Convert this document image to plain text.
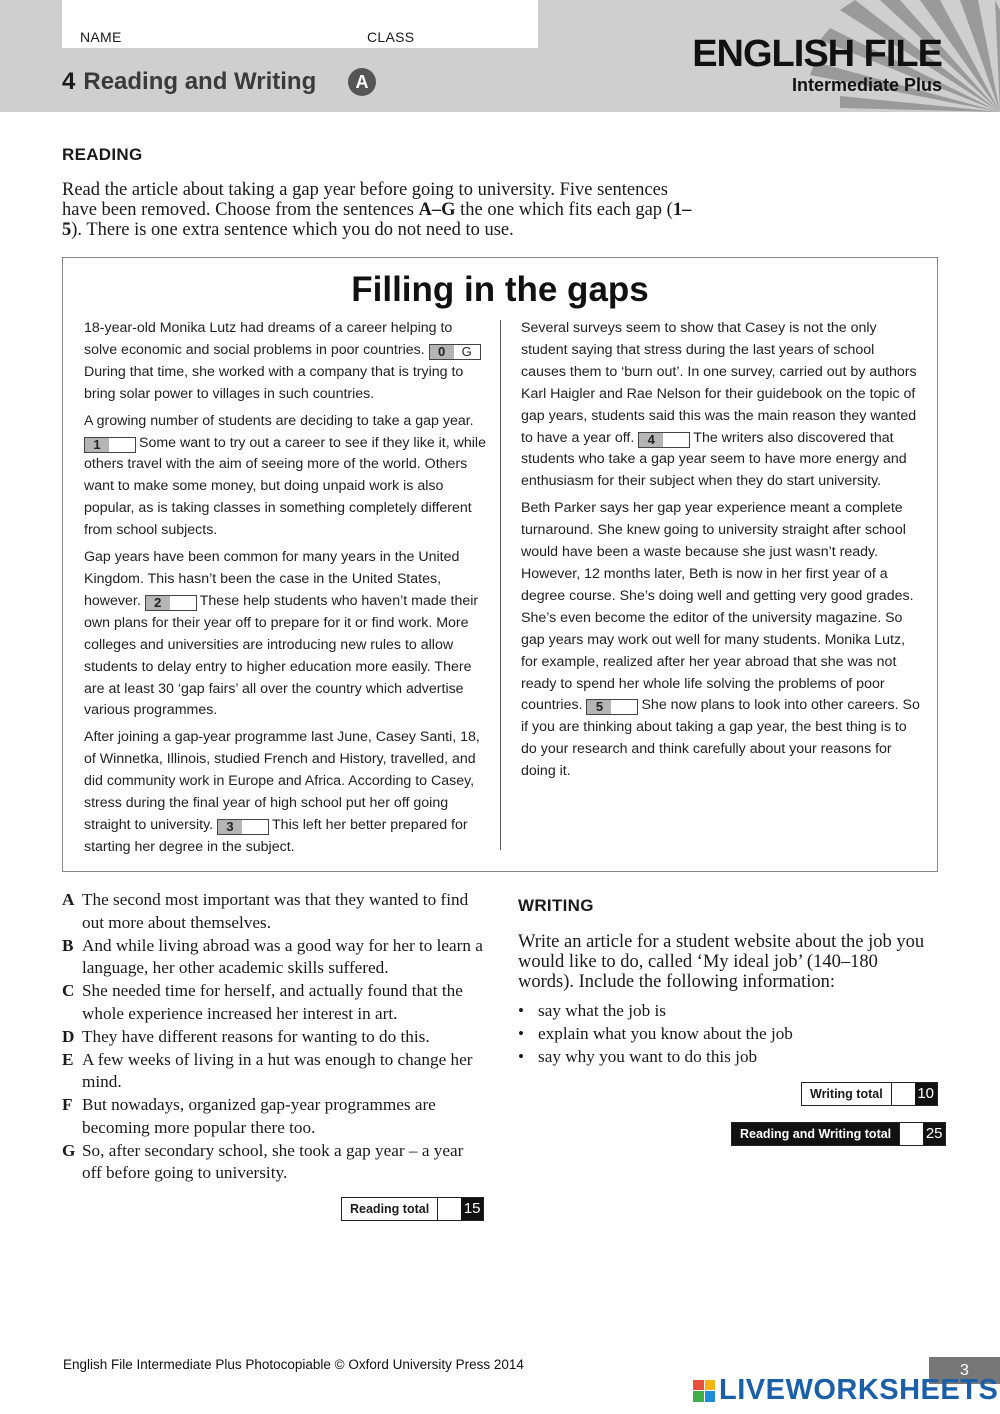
NAME	CLASS
4 Reading and Writing	A
ENGLISH FILE
Intermediate Plus
READING
Read the article about taking a gap year before going to university. Five sentences have been removed. Choose from the sentences A–G the one which fits each gap (1–5). There is one extra sentence which you do not need to use.
Filling in the gaps

18-year-old Monika Lutz had dreams of a career helping to solve economic and social problems in poor countries.	0	G
During that time, she worked with a company that is trying to bring solar power to villages in such countries.

A growing number of students are deciding to take a gap year.
1	Some want to try out a career to see if they like it, while others travel with the aim of seeing more of the world. Others want to make some money, but doing unpaid work is also popular, as is taking classes in something completely different from school subjects.

Gap years have been common for many years in the United Kingdom. This hasn’t been the case in the United States, however.	2	These help students who haven’t made their own plans for their year off to prepare for it or find work. More colleges and universities are introducing new rules to allow students to delay entry to higher education more easily. There are at least 30 ‘gap fairs’ all over the country which advertise various programmes.

After joining a gap-year programme last June, Casey Santi, 18, of Winnetka, Illinois, studied French and History, travelled, and did community work in Europe and Africa. According to Casey, stress during the final year of high school put her off going straight to university.	3	This left her better prepared for starting her degree in the subject.

Several surveys seem to show that Casey is not the only student saying that stress during the last years of school causes them to ‘burn out’. In one survey, carried out by authors Karl Haigler and Rae Nelson for their guidebook on the topic of gap years, students said this was the main reason they wanted to have a year off.	4	The writers also discovered that students who take a gap year seem to have more energy and enthusiasm for their subject when they do start university.

Beth Parker says her gap year experience meant a complete turnaround. She knew going to university straight after school would have been a waste because she just wasn’t ready. However, 12 months later, Beth is now in her first year of a degree course. She’s doing well and getting very good grades. She’s even become the editor of the university magazine. So gap years may work out well for many students. Monika Lutz, for example, realized after her year abroad that she was not ready to spend her whole life solving the problems of poor countries.	5	She now plans to look into other careers. So if you are thinking about taking a gap year, the best thing is to do your research and think carefully about your reasons for doing it.

A The second most important was that they wanted to find out more about themselves.
B And while living abroad was a good way for her to learn a language, her other academic skills suffered.
C She needed time for herself, and actually found that the whole experience increased her interest in art.
D They have different reasons for wanting to do this.
E A few weeks of living in a hut was enough to change her mind.
F But nowadays, organized gap-year programmes are becoming more popular there too.
G So, after secondary school, she took a gap year – a year off before going to university.
Reading total	15
WRITING
Write an article for a student website about the job you would like to do, called ‘My ideal job’ (140–180 words). Include the following information:
• say what the job is
• explain what you know about the job
• say why you want to do this job
Writing total	10
Reading and Writing total	25
English File Intermediate Plus Photocopiable © Oxford University Press 2014	3
LIVEWORKSHEETS
